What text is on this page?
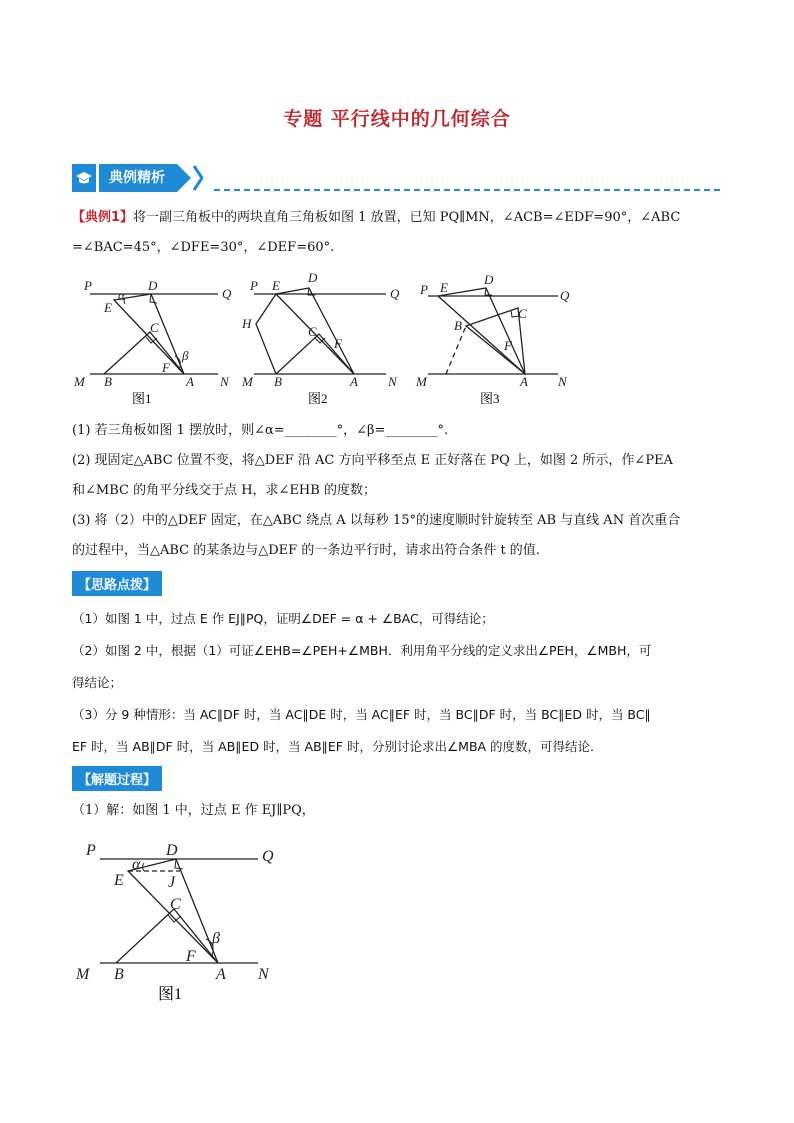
专题 平行线中的几何综合
典例精析
【典例1】将一副三角板中的两块直角三角板如图 1 放置，已知 PQ∥MN，∠ACB=∠EDF=90°，∠ABC
=∠BAC=45°，∠DFE=30°，∠DEF=60°.
P	D
Q
α
E
C
β
F
M B	A N
图1
P E
D
Q
H
C
F
M B	A N
图2
P E
D
Q
B
C
F
M	A N
图3
(1) 若三角板如图 1 摆放时，则∠α=________°，∠β=________°.
(2) 现固定△ABC 位置不变，将△DEF 沿 AC 方向平移至点 E 正好落在 PQ 上，如图 2 所示，作∠PEA
和∠MBC 的角平分线交于点 H，求∠EHB 的度数；
(3) 将（2）中的△DEF 固定，在△ABC 绕点 A 以每秒 15°的速度顺时针旋转至 AB 与直线 AN 首次重合
的过程中，当△ABC 的某条边与△DEF 的一条边平行时，请求出符合条件 t 的值.
【思路点拨】
（1）如图 1 中，过点 E 作 EJ∥PQ，证明∠DEF = α + ∠BAC，可得结论；
（2）如图 2 中，根据（1）可证∠EHB=∠PEH+∠MBH．利用角平分线的定义求出∠PEH，∠MBH，可
得结论；
（3）分 9 种情形：当 AC∥DF 时，当 AC∥DE 时，当 AC∥EF 时，当 BC∥DF 时，当 BC∥ED 时，当 BC∥
EF 时，当 AB∥DF 时，当 AB∥ED 时，当 AB∥EF 时，分别讨论求出∠MBA 的度数，可得结论.
【解题过程】
（1）解：如图 1 中，过点 E 作 EJ∥PQ，
P	D	Q
α
E	J
C
F
β
M B	A N
图1
